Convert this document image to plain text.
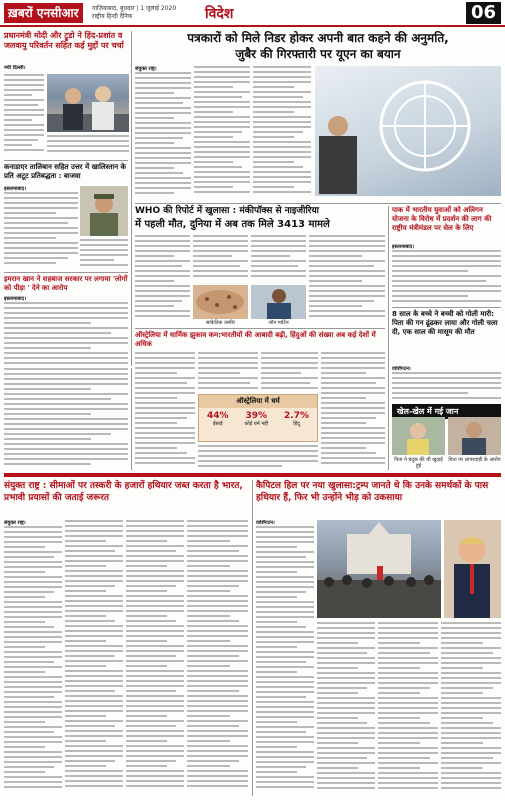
ख़बरों एनसीआर	गाज़ियाबाद, बुधवार | 1 जुलाई 2020
राष्ट्रीय हिन्दी दैनिक	विदेश	06
प्रधानमंत्री मोदी और ट्रूडो ने हिंद-प्रशांत व जलवायु परिवर्तन सहित कई मुद्दों पर चर्चा
नयी दिल्ली।
कनाडाएर तालिबान सहित उत्तर में खालिस्तान के प्रति अटूट प्रतिबद्धता : बाजवा
इस्लामाबाद।
इमरान खान ने शहबाज सरकार पर लगाया 'लोगों को पीड़ा ' देने का आरोप
इस्लामाबाद।
पत्रकारों को मिले निडर होकर अपनी बात कहने की अनुमति,
जुबैर की गिरफ्तारी पर यूएन का बयान
संयुक्त राष्ट्र।
WHO की रिपोर्ट में खुलासा : मंकीपॉक्स से नाइजीरिया
में पहली मौत, दुनिया में अब तक मिले 3413 मामले
सांकेतिक तस्वीर	जॉन मार्टिन
ऑस्ट्रेलिया में धार्मिक झुकाव कम:भारतीयों की आबादी बढ़ी, हिंदुओं की संख्या अब कई देशों में अधिक
ऑस्ट्रेलिया में धर्म
44%
ईसाई
39%
कोई धर्म नहीं
2.7%
हिंदू
पाक में भारतीय युवाओं को अलिगन योजना के विरोध में प्रदर्शन की लाग की राष्ट्रीय मंत्रीमंडल पर सेल के लिए
इस्लामाबाद।
8 साल के बच्चे ने बच्ची को गोली मारी: पिता की गन ढूंढकर लाया और गोली चला दी, एक साल की मासूम की मौत
वाशिंगटन।
खेल-खेल में गई जान
पिता ने बंदूक की थी खुदाई हुई
पिता पर लापरवाही के आरोप
संयुक्त राष्ट्र : सीमाओं पर तस्करी के हजारों हथियार जब्त करता है भारत, प्रभावी प्रयासों की जताई जरूरत
कैपिटल हिल पर नया खुलासा:ट्रम्प जानते थे कि उनके समर्थकों के पास हथियार हैं, फिर भी उन्होंने भीड़ को उकसाया
संयुक्त राष्ट्र।	वाशिंगटन।
